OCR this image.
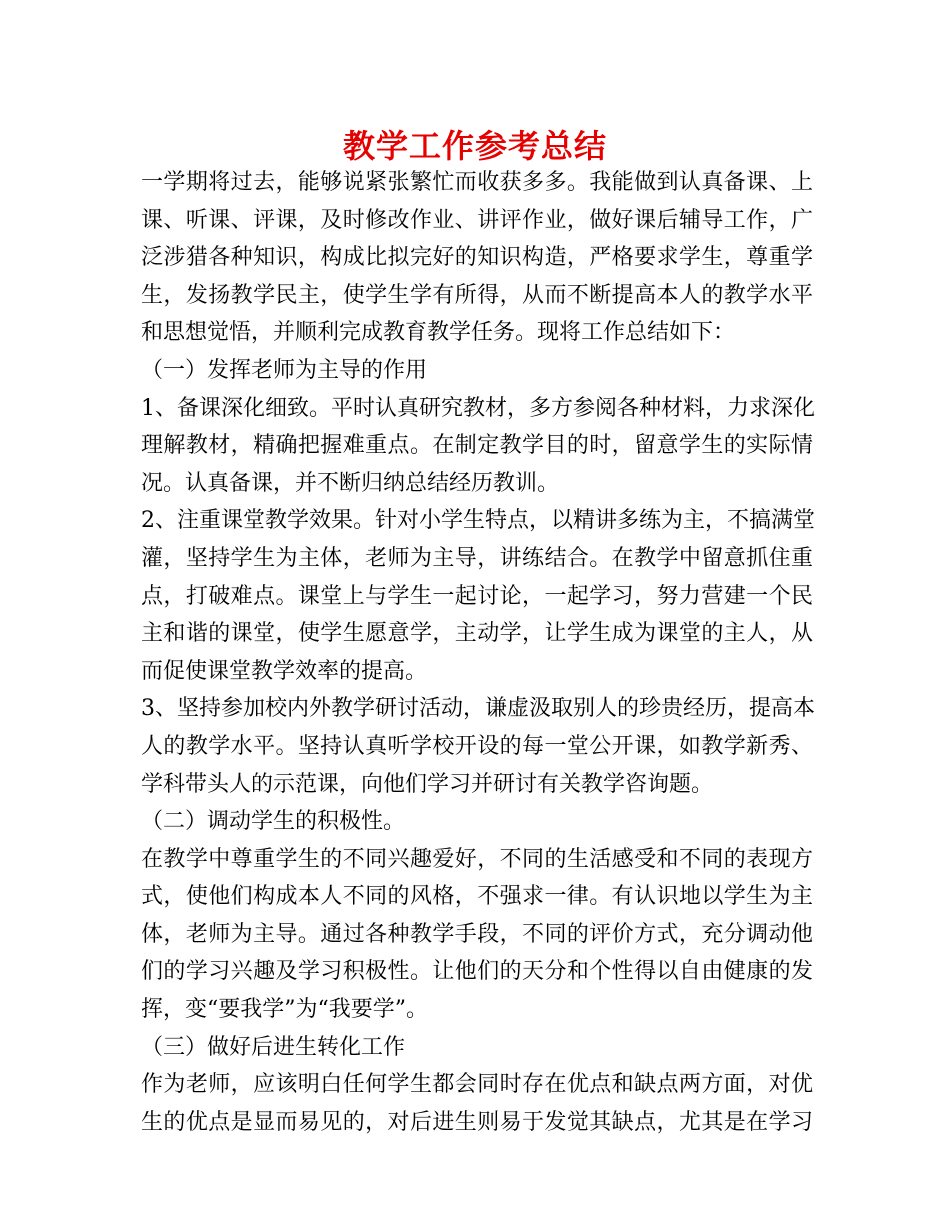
教学工作参考总结
一学期将过去，能够说紧张繁忙而收获多多。我能做到认真备课、上
课、听课、评课，及时修改作业、讲评作业，做好课后辅导工作，广
泛涉猎各种知识，构成比拟完好的知识构造，严格要求学生，尊重学
生，发扬教学民主，使学生学有所得，从而不断提高本人的教学水平
和思想觉悟，并顺利完成教育教学任务。现将工作总结如下：
（一）发挥老师为主导的作用
1、备课深化细致。平时认真研究教材，多方参阅各种材料，力求深化
理解教材，精确把握难重点。在制定教学目的时，留意学生的实际情
况。认真备课，并不断归纳总结经历教训。
2、注重课堂教学效果。针对小学生特点，以精讲多练为主，不搞满堂
灌，坚持学生为主体，老师为主导，讲练结合。在教学中留意抓住重
点，打破难点。课堂上与学生一起讨论，一起学习，努力营建一个民
主和谐的课堂，使学生愿意学，主动学，让学生成为课堂的主人，从
而促使课堂教学效率的提高。
3、坚持参加校内外教学研讨活动，谦虚汲取别人的珍贵经历，提高本
人的教学水平。坚持认真听学校开设的每一堂公开课，如教学新秀、
学科带头人的示范课，向他们学习并研讨有关教学咨询题。
（二）调动学生的积极性。
在教学中尊重学生的不同兴趣爱好，不同的生活感受和不同的表现方
式，使他们构成本人不同的风格，不强求一律。有认识地以学生为主
体，老师为主导。通过各种教学手段，不同的评价方式，充分调动他
们的学习兴趣及学习积极性。让他们的天分和个性得以自由健康的发
挥，变“要我学”为“我要学”。
（三）做好后进生转化工作
作为老师，应该明白任何学生都会同时存在优点和缺点两方面，对优
生的优点是显而易见的，对后进生则易于发觉其缺点，尤其是在学习
